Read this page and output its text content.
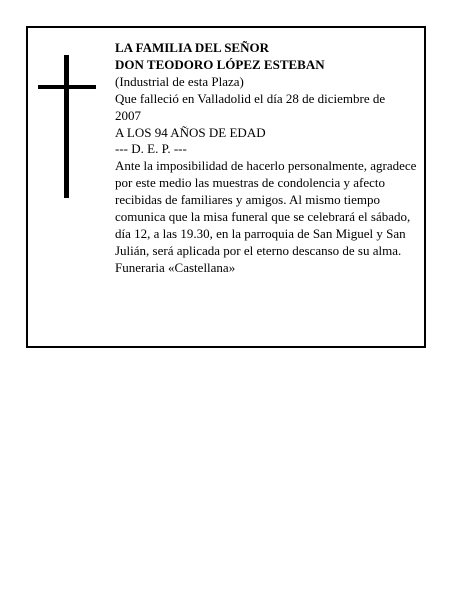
LA FAMILIA DEL SEÑOR
DON TEODORO LÓPEZ ESTEBAN
(Industrial de esta Plaza)
Que falleció en Valladolid el día 28 de diciembre de
2007
A LOS 94 AÑOS DE EDAD
--- D. E. P. ---
Ante la imposibilidad de hacerlo personalmente, agradece por este medio las muestras de condolencia y afecto recibidas de familiares y amigos. Al mismo tiempo comunica que la misa funeral que se celebrará el sábado, día 12, a las 19.30, en la parroquia de San Miguel y San Julián, será aplicada por el eterno descanso de su alma.
Funeraria «Castellana»
